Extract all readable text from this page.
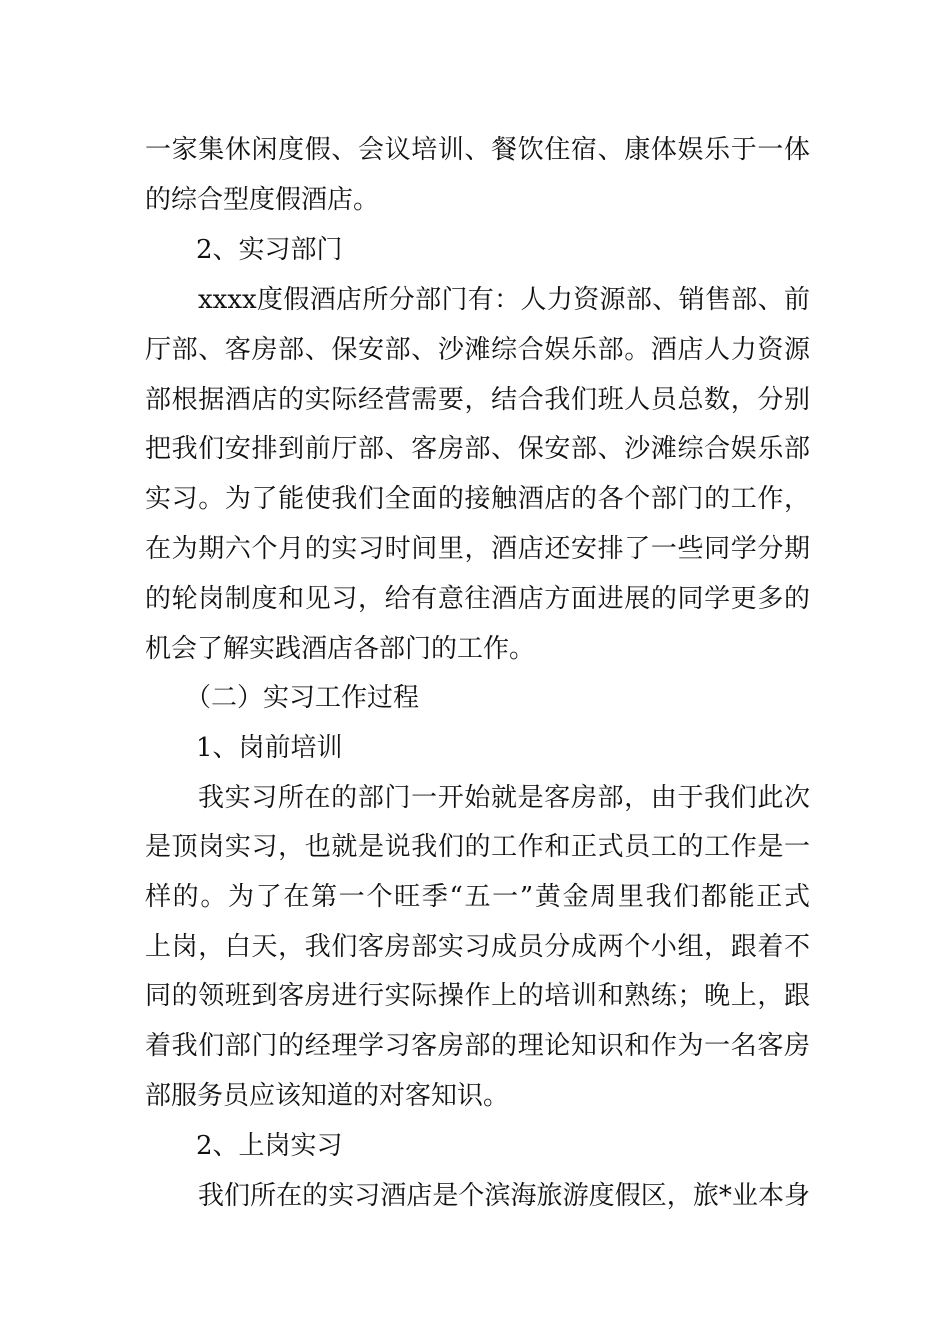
一家集休闲度假、会议培训、餐饮住宿、康体娱乐于一体
的综合型度假酒店。
2、实习部门
xxxx度假酒店所分部门有：人力资源部、销售部、前
厅部、客房部、保安部、沙滩综合娱乐部。酒店人力资源
部根据酒店的实际经营需要，结合我们班人员总数，分别
把我们安排到前厅部、客房部、保安部、沙滩综合娱乐部
实习。为了能使我们全面的接触酒店的各个部门的工作，
在为期六个月的实习时间里，酒店还安排了一些同学分期
的轮岗制度和见习，给有意往酒店方面进展的同学更多的
机会了解实践酒店各部门的工作。
（二）实习工作过程
1、岗前培训
我实习所在的部门一开始就是客房部，由于我们此次
是顶岗实习，也就是说我们的工作和正式员工的工作是一
样的。为了在第一个旺季“五一”黄金周里我们都能正式
上岗，白天，我们客房部实习成员分成两个小组，跟着不
同的领班到客房进行实际操作上的培训和熟练；晚上，跟
着我们部门的经理学习客房部的理论知识和作为一名客房
部服务员应该知道的对客知识。
2、上岗实习
我们所在的实习酒店是个滨海旅游度假区，旅*业本身
